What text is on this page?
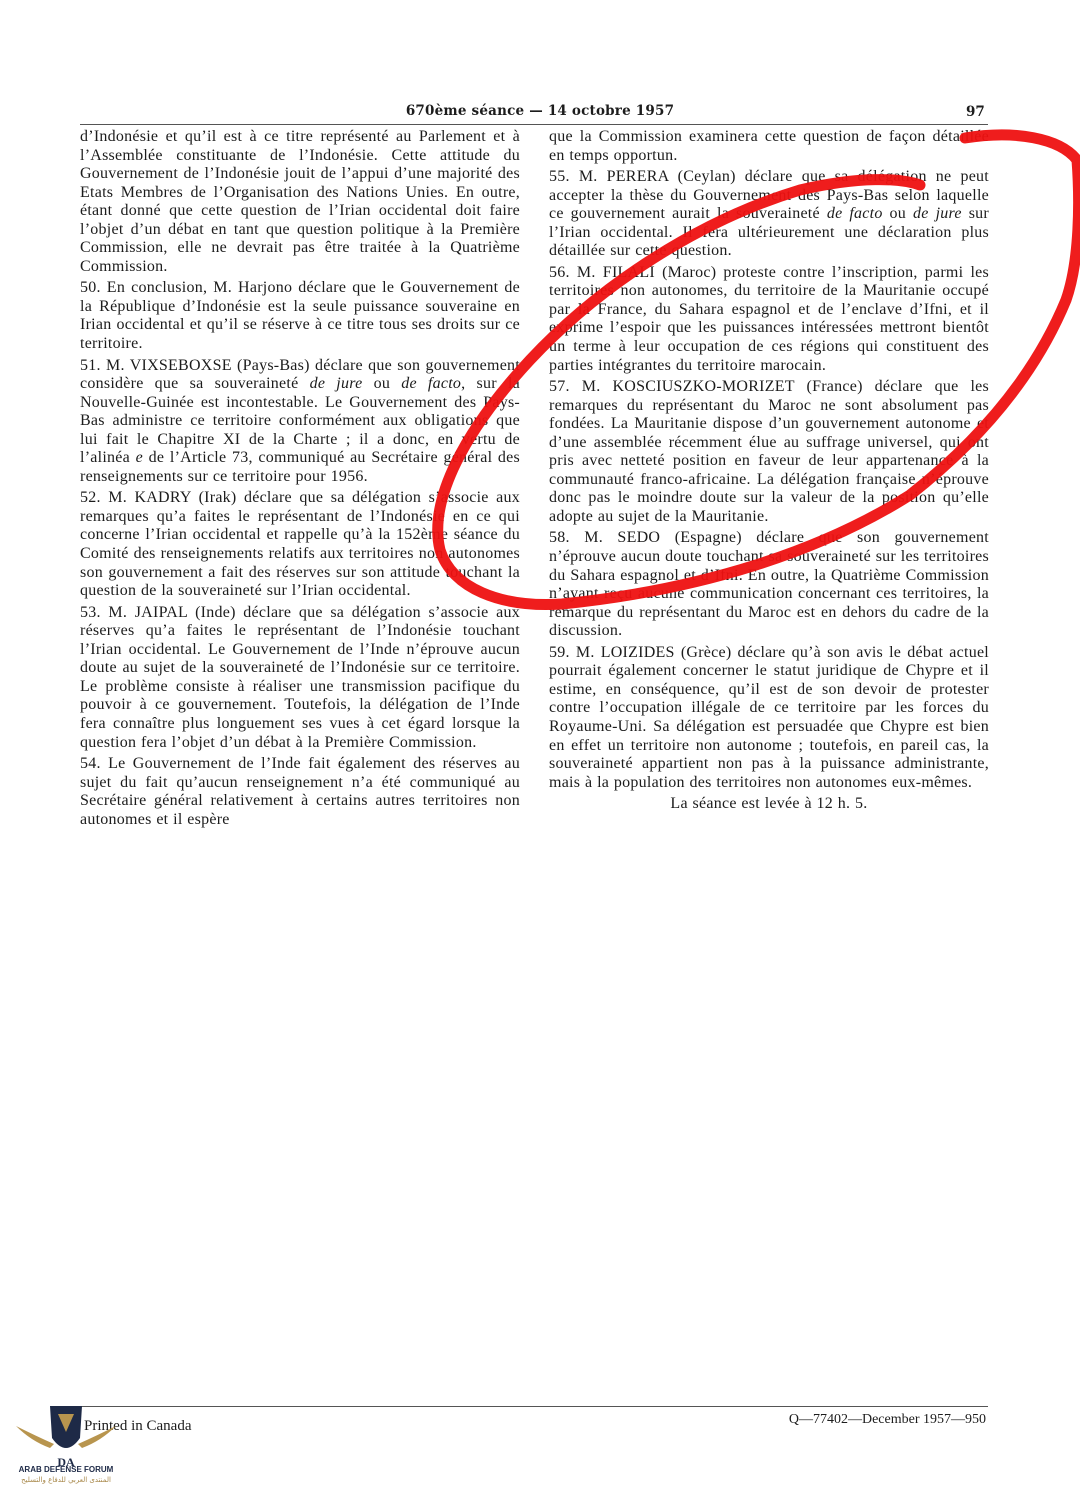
670ème séance — 14 octobre 1957	97

d’Indonésie et qu’il est à ce titre représenté au Parlement et à l’Assemblée constituante de l’Indonésie. Cette attitude du Gouvernement de l’Indonésie jouit de l’appui d’une majorité des Etats Membres de l’Organisation des Nations Unies. En outre, étant donné que cette question de l’Irian occidental doit faire l’objet d’un débat en tant que question politique à la Première Commission, elle ne devrait pas être traitée à la Quatrième Commission.

50. En conclusion, M. Harjono déclare que le Gouvernement de la République d’Indonésie est la seule puissance souveraine en Irian occidental et qu’il se réserve à ce titre tous ses droits sur ce territoire.

51. M. VIXSEBOXSE (Pays-Bas) déclare que son gouvernement considère que sa souveraineté de jure ou de facto, sur la Nouvelle-Guinée est incontestable. Le Gouvernement des Pays-Bas administre ce territoire conformément aux obligations que lui fait le Chapitre XI de la Charte ; il a donc, en vertu de l’alinéa e de l’Article 73, communiqué au Secrétaire général des renseignements sur ce territoire pour 1956.

52. M. KADRY (Irak) déclare que sa délégation s’associe aux remarques qu’a faites le représentant de l’Indonésie en ce qui concerne l’Irian occidental et rappelle qu’à la 152ème séance du Comité des renseignements relatifs aux territoires non autonomes son gouvernement a fait des réserves sur son attitude touchant la question de la souveraineté sur l’Irian occidental.

53. M. JAIPAL (Inde) déclare que sa délégation s’associe aux réserves qu’a faites le représentant de l’Indonésie touchant l’Irian occidental. Le Gouvernement de l’Inde n’éprouve aucun doute au sujet de la souveraineté de l’Indonésie sur ce territoire. Le problème consiste à réaliser une transmission pacifique du pouvoir à ce gouvernement. Toutefois, la délégation de l’Inde fera connaître plus longuement ses vues à cet égard lorsque la question fera l’objet d’un débat à la Première Commission.

54. Le Gouvernement de l’Inde fait également des réserves au sujet du fait qu’aucun renseignement n’a été communiqué au Secrétaire général relativement à certains autres territoires non autonomes et il espère

que la Commission examinera cette question de façon détaillée en temps opportun.

55. M. PERERA (Ceylan) déclare que sa délégation ne peut accepter la thèse du Gouvernement des Pays-Bas selon laquelle ce gouvernement aurait la souveraineté de facto ou de jure sur l’Irian occidental. Il fera ultérieurement une déclaration plus détaillée sur cette question.

56. M. FILALI (Maroc) proteste contre l’inscription, parmi les territoires non autonomes, du territoire de la Mauritanie occupé par la France, du Sahara espagnol et de l’enclave d’Ifni, et il exprime l’espoir que les puissances intéressées mettront bientôt un terme à leur occupation de ces régions qui constituent des parties intégrantes du territoire marocain.

57. M. KOSCIUSZKO-MORIZET (France) déclare que les remarques du représentant du Maroc ne sont absolument pas fondées. La Mauritanie dispose d’un gouvernement autonome et d’une assemblée récemment élue au suffrage universel, qui ont pris avec netteté position en faveur de leur appartenance à la communauté franco-africaine. La délégation française n’éprouve donc pas le moindre doute sur la valeur de la position qu’elle adopte au sujet de la Mauritanie.

58. M. SEDO (Espagne) déclare que son gouvernement n’éprouve aucun doute touchant sa souveraineté sur les territoires du Sahara espagnol et d’Ifni. En outre, la Quatrième Commission n’ayant reçu aucune communication concernant ces territoires, la remarque du représentant du Maroc est en dehors du cadre de la discussion.

59. M. LOIZIDES (Grèce) déclare qu’à son avis le débat actuel pourrait également concerner le statut juridique de Chypre et il estime, en conséquence, qu’il est de son devoir de protester contre l’occupation illégale de ce territoire par les forces du Royaume-Uni. Sa délégation est persuadée que Chypre est bien en effet un territoire non autonome ; toutefois, en pareil cas, la souveraineté appartient non pas à la puissance administrante, mais à la population des territoires non autonomes eux-mêmes.

La séance est levée à 12 h. 5.

Printed in Canada	Q—77402—December 1957—950
DA
ARAB DEFENSE FORUM
المنتدى العربي للدفاع والتسليح
